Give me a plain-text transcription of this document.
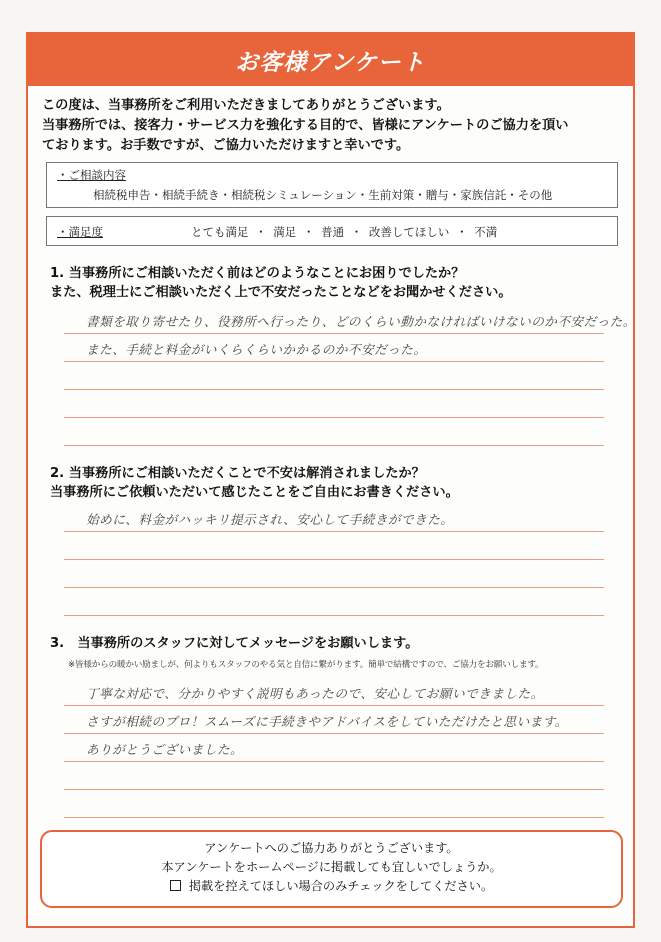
お客様アンケート
この度は、当事務所をご利用いただきましてありがとうございます。
当事務所では、接客力・サービス力を強化する目的で、皆様にアンケートのご協力を頂い
ております。お手数ですが、ご協力いただけますと幸いです。
・ご相談内容
相続税申告・相続手続き・相続税シミュレーション・生前対策・贈与・家族信託・その他
・満足度	とても満足 ・ 満足 ・ 普通 ・ 改善してほしい ・ 不満
1. 当事務所にご相談いただく前はどのようなことにお困りでしたか？
また、税理士にご相談いただく上で不安だったことなどをお聞かせください。
書類を取り寄せたり、役務所へ行ったり、どのくらい動かなければいけないのか不安だった。
また、手続と料金がいくらくらいかかるのか不安だった。
2. 当事務所にご相談いただくことで不安は解消されましたか？
当事務所にご依頼いただいて感じたことをご自由にお書きください。
始めに、料金がハッキリ提示され、安心して手続きができた。
3.　当事務所のスタッフに対してメッセージをお願いします。
※皆様からの暖かい励ましが、何よりもスタッフのやる気と自信に繋がります。簡単で結構ですので、ご協力をお願いします。
丁寧な対応で、分かりやすく説明もあったので、安心してお願いできました。
さすが相続のプロ！スムーズに手続きやアドバイスをしていただけたと思います。
ありがとうございました。
アンケートへのご協力ありがとうございます。
本アンケートをホームページに掲載しても宜しいでしょうか。
掲載を控えてほしい場合のみチェックをしてください。
